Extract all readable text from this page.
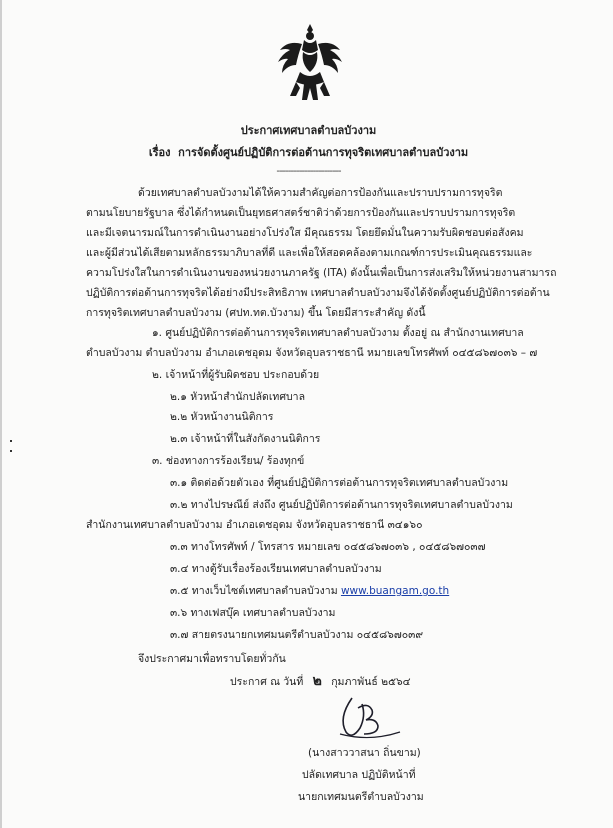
ประกาศเทศบาลตำบลบัวงาม
เรื่อง การจัดตั้งศูนย์ปฏิบัติการต่อต้านการทุจริตเทศบาลตำบลบัวงาม
-----------------------
ด้วยเทศบาลตำบลบัวงามได้ให้ความสำคัญต่อการป้องกันและปราบปรามการทุจริต
ตามนโยบายรัฐบาล ซึ่งได้กำหนดเป็นยุทธศาสตร์ชาติว่าด้วยการป้องกันและปราบปรามการทุจริต
และมีเจตนารมณ์ในการดำเนินงานอย่างโปร่งใส มีคุณธรรม โดยยึดมั่นในความรับผิดชอบต่อสังคม
และผู้มีส่วนได้เสียตามหลักธรรมาภิบาลที่ดี และเพื่อให้สอดคล้องตามเกณฑ์การประเมินคุณธรรมและ
ความโปร่งใสในการดำเนินงานของหน่วยงานภาครัฐ (ITA) ดังนั้นเพื่อเป็นการส่งเสริมให้หน่วยงานสามารถ
ปฏิบัติการต่อต้านการทุจริตได้อย่างมีประสิทธิภาพ เทศบาลตำบลบัวงามจึงได้จัดตั้งศูนย์ปฏิบัติการต่อต้าน
การทุจริตเทศบาลตำบลบัวงาม (ศปท.ทต.บัวงาม) ขึ้น โดยมีสาระสำคัญ ดังนี้
๑. ศูนย์ปฏิบัติการต่อต้านการทุจริตเทศบาลตำบลบัวงาม ตั้งอยู่ ณ สำนักงานเทศบาล
ตำบลบัวงาม ตำบลบัวงาม อำเภอเดชอุดม จังหวัดอุบลราชธานี หมายเลขโทรศัพท์ ๐๔๕๘๖๗๐๓๖ – ๗
๒. เจ้าหน้าที่ผู้รับผิดชอบ ประกอบด้วย
๒.๑ หัวหน้าสำนักปลัดเทศบาล
๒.๒ หัวหน้างานนิติการ
๒.๓ เจ้าหน้าที่ในสังกัดงานนิติการ
๓. ช่องทางการร้องเรียน/ ร้องทุกข์
๓.๑ ติดต่อด้วยตัวเอง ที่ศูนย์ปฏิบัติการต่อต้านการทุจริตเทศบาลตำบลบัวงาม
๓.๒ ทางไปรษณีย์ ส่งถึง ศูนย์ปฏิบัติการต่อต้านการทุจริตเทศบาลตำบลบัวงาม
สำนักงานเทศบาลตำบลบัวงาม อำเภอเดชอุดม จังหวัดอุบลราชธานี ๓๔๑๖๐
๓.๓ ทางโทรศัพท์ / โทรสาร หมายเลข ๐๔๕๘๖๗๐๓๖ , ๐๔๕๘๖๗๐๓๗
๓.๔ ทางตู้รับเรื่องร้องเรียนเทศบาลตำบลบัวงาม
๓.๕ ทางเว็บไซต์เทศบาลตำบลบัวงาม www.buangam.go.th
๓.๖ ทางเฟสบุ๊ค เทศบาลตำบลบัวงาม
๓.๗ สายตรงนายกเทศมนตรีตำบลบัวงาม ๐๔๕๘๖๗๐๓๙
จึงประกาศมาเพื่อทราบโดยทั่วกัน
ประกาศ ณ วันที่ ๒ กุมภาพันธ์ ๒๕๖๔
(นางสาววาสนา ถิ่นขาม)
ปลัดเทศบาล ปฏิบัติหน้าที่
นายกเทศมนตรีตำบลบัวงาม
